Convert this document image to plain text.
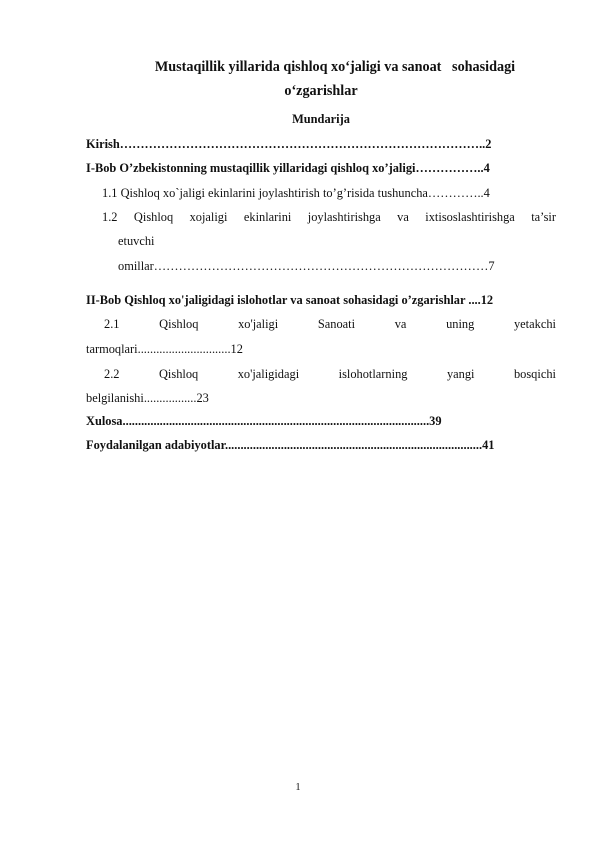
Mustaqillik yillarida qishloq xo‘jaligi va sanoat   sohasidagi
o‘zgarishlar
Mundarija
Kirish……………………………………………………………………………..2
I-Bob O’zbekistonning mustaqillik yillaridagi qishloq xo’jaligi……………..4
1.1 Qishloq xo`jaligi ekinlarini joylashtirish to’g’risida tushuncha…………..4
1.2 Qishloq xojaligi ekinlarini joylashtirishga va ixtisoslashtirishga ta’sir
etuvchi
omillar………………………………………………………………………7
II-Bob Qishloq xo'jaligidagi islohotlar va sanoat sohasidagi o’zgarishlar ....12
2.1	Qishloq	xo'jaligi	Sanoati	va	uning	yetakchi
tarmoqlari..............................12
2.2	Qishloq	xo'jaligidagi	islohotlarning	yangi	bosqichi
belgilanishi.................23
Xulosa...................................................................................................39
Foydalanilgan adabiyotlar...................................................................................41
1
